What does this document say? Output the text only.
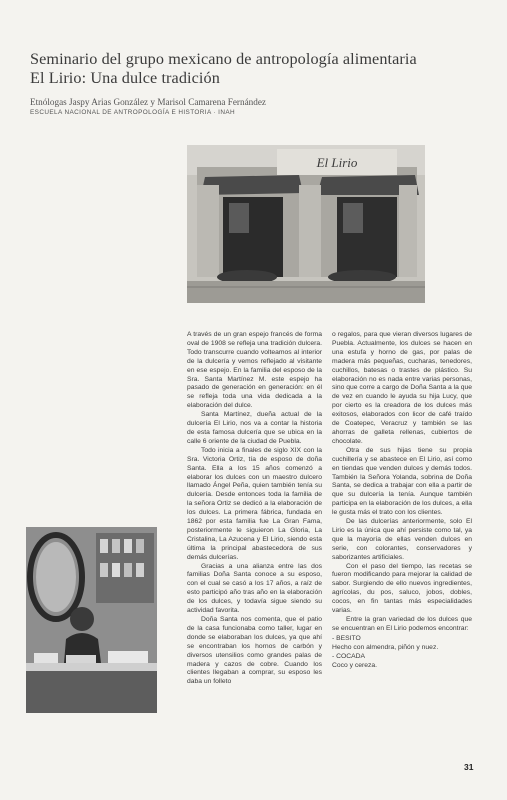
Seminario del grupo mexicano de antropología alimentaria
El Lirio: Una dulce tradición
Etnólogas Jaspy Arias González y Marisol Camarena Fernández
ESCUELA NACIONAL DE ANTROPOLOGÍA E HISTORIA · INAH
El Lirio

A través de un gran espejo francés de forma oval de 1908 se refleja una tradición dulcera. Todo transcurre cuando volteamos al interior de la dulcería y vemos reflejado al visitante en ese espejo. En la familia del esposo de la Sra. Santa Martínez M. este espejo ha pasado de generación en generación: en él se refleja toda una vida dedicada a la elaboración del dulce.

Santa Martínez, dueña actual de la dulcería El Lirio, nos va a contar la historia de esta famosa dulcería que se ubica en la calle 6 oriente de la ciudad de Puebla.

Todo inicia a finales de siglo XIX con la Sra. Victoria Ortiz, tía de esposo de doña Santa. Ella a los 15 años comenzó a elaborar los dulces con un maestro dulcero llamado Ángel Peña, quien también tenía su dulcería. Desde entonces toda la familia de la señora Ortiz se dedicó a la elaboración de los dulces. La primera fábrica, fundada en 1862 por esta familia fue La Gran Fama, posteriormente le siguieron La Gloria, La Cristalina, La Azucena y El Lirio, siendo esta última la principal abastecedora de sus demás dulcerías.

Gracias a una alianza entre las dos familias Doña Santa conoce a su esposo, con el cual se casó a los 17 años, a raíz de esto participó año tras año en la elaboración de los dulces, y todavía sigue siendo su actividad favorita.

Doña Santa nos comenta, que el patio de la casa funcionaba como taller, lugar en donde se elaboraban los dulces, ya que ahí se encontraban los hornos de carbón y diversos utensilios como grandes palas de madera y cazos de cobre. Cuando los clientes llegaban a comprar, su esposo les daba un folleto

o regalos, para que vieran diversos lugares de Puebla. Actualmente, los dulces se hacen en una estufa y horno de gas, por palas de madera más pequeñas, cucharas, tenedores, cuchillos, batesas o trastes de plástico. Su elaboración no es nada entre varias personas, sino que corre a cargo de Doña Santa a la que de vez en cuando le ayuda su hija Lucy, que por cierto es la creadora de los dulces más exitosos, elaborados con licor de café traído de Coatepec, Veracruz y también se las ahorras de galleta rellenas, cubiertos de chocolate.

Otra de sus hijas tiene su propia cuchillería y se abastece en El Lirio, así como en tiendas que venden dulces y demás todos. También la Señora Yolanda, sobrina de Doña Santa, se dedica a trabajar con ella a partir de que su dulcería la tenía. Aunque también participa en la elaboración de los dulces, a ella le gusta más el trato con los clientes.

De las dulcerías anteriormente, solo El Lirio es la única que ahí persiste como tal, ya que la mayoría de ellas venden dulces en serie, con colorantes, conservadores y saborizantes artificiales.

Con el paso del tiempo, las recetas se fueron modificando para mejorar la calidad de sabor. Surgiendo de ello nuevos ingredientes, agrícolas, du pos, saluco, jobos, dobles, cocos, en fin tantas más especialidades varias.

Entre la gran variedad de los dulces que se encuentran en El Lirio podemos encontrar:

- BESITO

Hecho con almendra, piñón y nuez.

- COCADA

Coco y cereza.

31
